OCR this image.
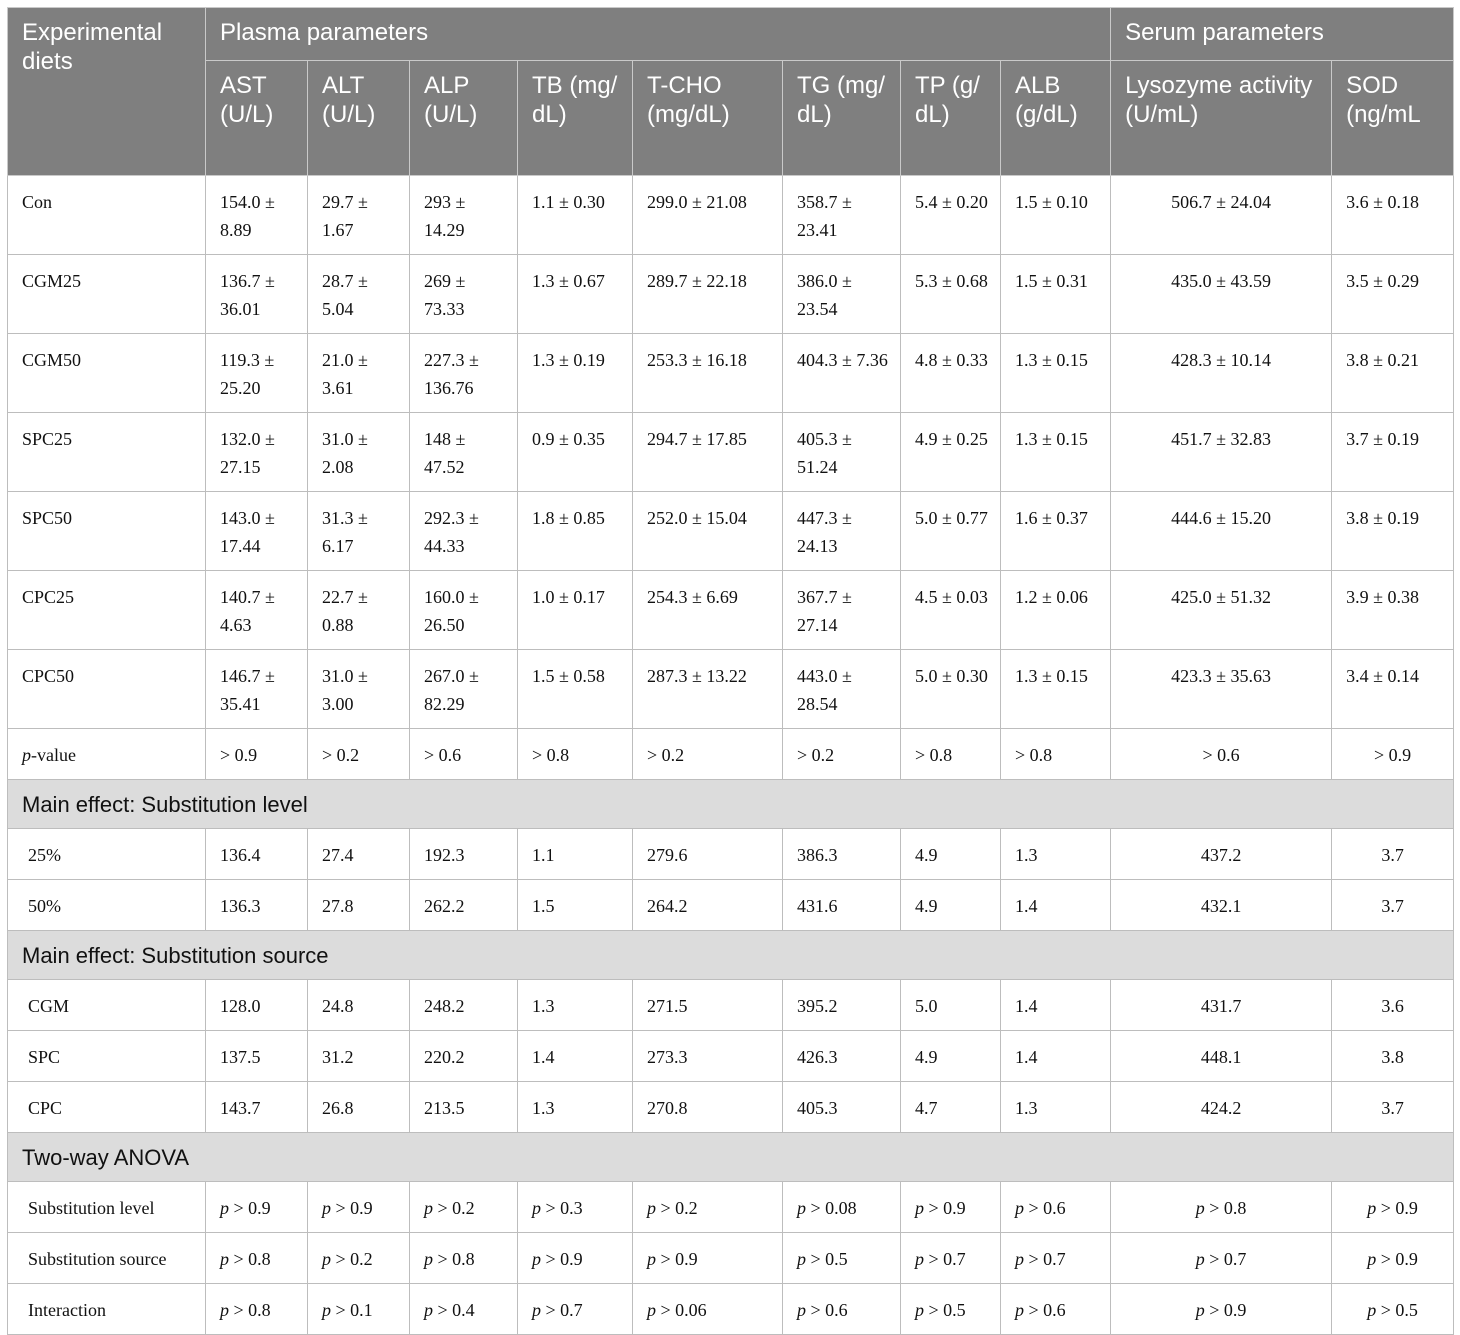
Experimental diets	Plasma parameters								Serum parameters	
	AST (U/L)	ALT (U/L)	ALP (U/L)	TB (mg/ dL)	T-CHO (mg/dL)	TG (mg/ dL)	TP (g/ dL)	ALB (g/dL)	Lysozyme activity (U/mL)	SOD (ng/mL
Con	154.0 ± 8.89	29.7 ± 1.67	293 ± 14.29	1.1 ± 0.30	299.0 ± 21.08	358.7 ± 23.41	5.4 ± 0.20	1.5 ± 0.10	506.7 ± 24.04	3.6 ± 0.18
CGM25	136.7 ± 36.01	28.7 ± 5.04	269 ± 73.33	1.3 ± 0.67	289.7 ± 22.18	386.0 ± 23.54	5.3 ± 0.68	1.5 ± 0.31	435.0 ± 43.59	3.5 ± 0.29
CGM50	119.3 ± 25.20	21.0 ± 3.61	227.3 ± 136.76	1.3 ± 0.19	253.3 ± 16.18	404.3 ± 7.36	4.8 ± 0.33	1.3 ± 0.15	428.3 ± 10.14	3.8 ± 0.21
SPC25	132.0 ± 27.15	31.0 ± 2.08	148 ± 47.52	0.9 ± 0.35	294.7 ± 17.85	405.3 ± 51.24	4.9 ± 0.25	1.3 ± 0.15	451.7 ± 32.83	3.7 ± 0.19
SPC50	143.0 ± 17.44	31.3 ± 6.17	292.3 ± 44.33	1.8 ± 0.85	252.0 ± 15.04	447.3 ± 24.13	5.0 ± 0.77	1.6 ± 0.37	444.6 ± 15.20	3.8 ± 0.19
CPC25	140.7 ± 4.63	22.7 ± 0.88	160.0 ± 26.50	1.0 ± 0.17	254.3 ± 6.69	367.7 ± 27.14	4.5 ± 0.03	1.2 ± 0.06	425.0 ± 51.32	3.9 ± 0.38
CPC50	146.7 ± 35.41	31.0 ± 3.00	267.0 ± 82.29	1.5 ± 0.58	287.3 ± 13.22	443.0 ± 28.54	5.0 ± 0.30	1.3 ± 0.15	423.3 ± 35.63	3.4 ± 0.14
p-value	> 0.9	> 0.2	> 0.6	> 0.8	> 0.2	> 0.2	> 0.8	> 0.8	> 0.6	> 0.9
Main effect: Substitution level										
25%	136.4	27.4	192.3	1.1	279.6	386.3	4.9	1.3	437.2	3.7
50%	136.3	27.8	262.2	1.5	264.2	431.6	4.9	1.4	432.1	3.7
Main effect: Substitution source										
CGM	128.0	24.8	248.2	1.3	271.5	395.2	5.0	1.4	431.7	3.6
SPC	137.5	31.2	220.2	1.4	273.3	426.3	4.9	1.4	448.1	3.8
CPC	143.7	26.8	213.5	1.3	270.8	405.3	4.7	1.3	424.2	3.7
Two-way ANOVA										
Substitution level	p > 0.9	p > 0.9	p > 0.2	p > 0.3	p > 0.2	p > 0.08	p > 0.9	p > 0.6	p > 0.8	p > 0.9
Substitution source	p > 0.8	p > 0.2	p > 0.8	p > 0.9	p > 0.9	p > 0.5	p > 0.7	p > 0.7	p > 0.7	p > 0.9
Interaction	p > 0.8	p > 0.1	p > 0.4	p > 0.7	p > 0.06	p > 0.6	p > 0.5	p > 0.6	p > 0.9	p > 0.5
